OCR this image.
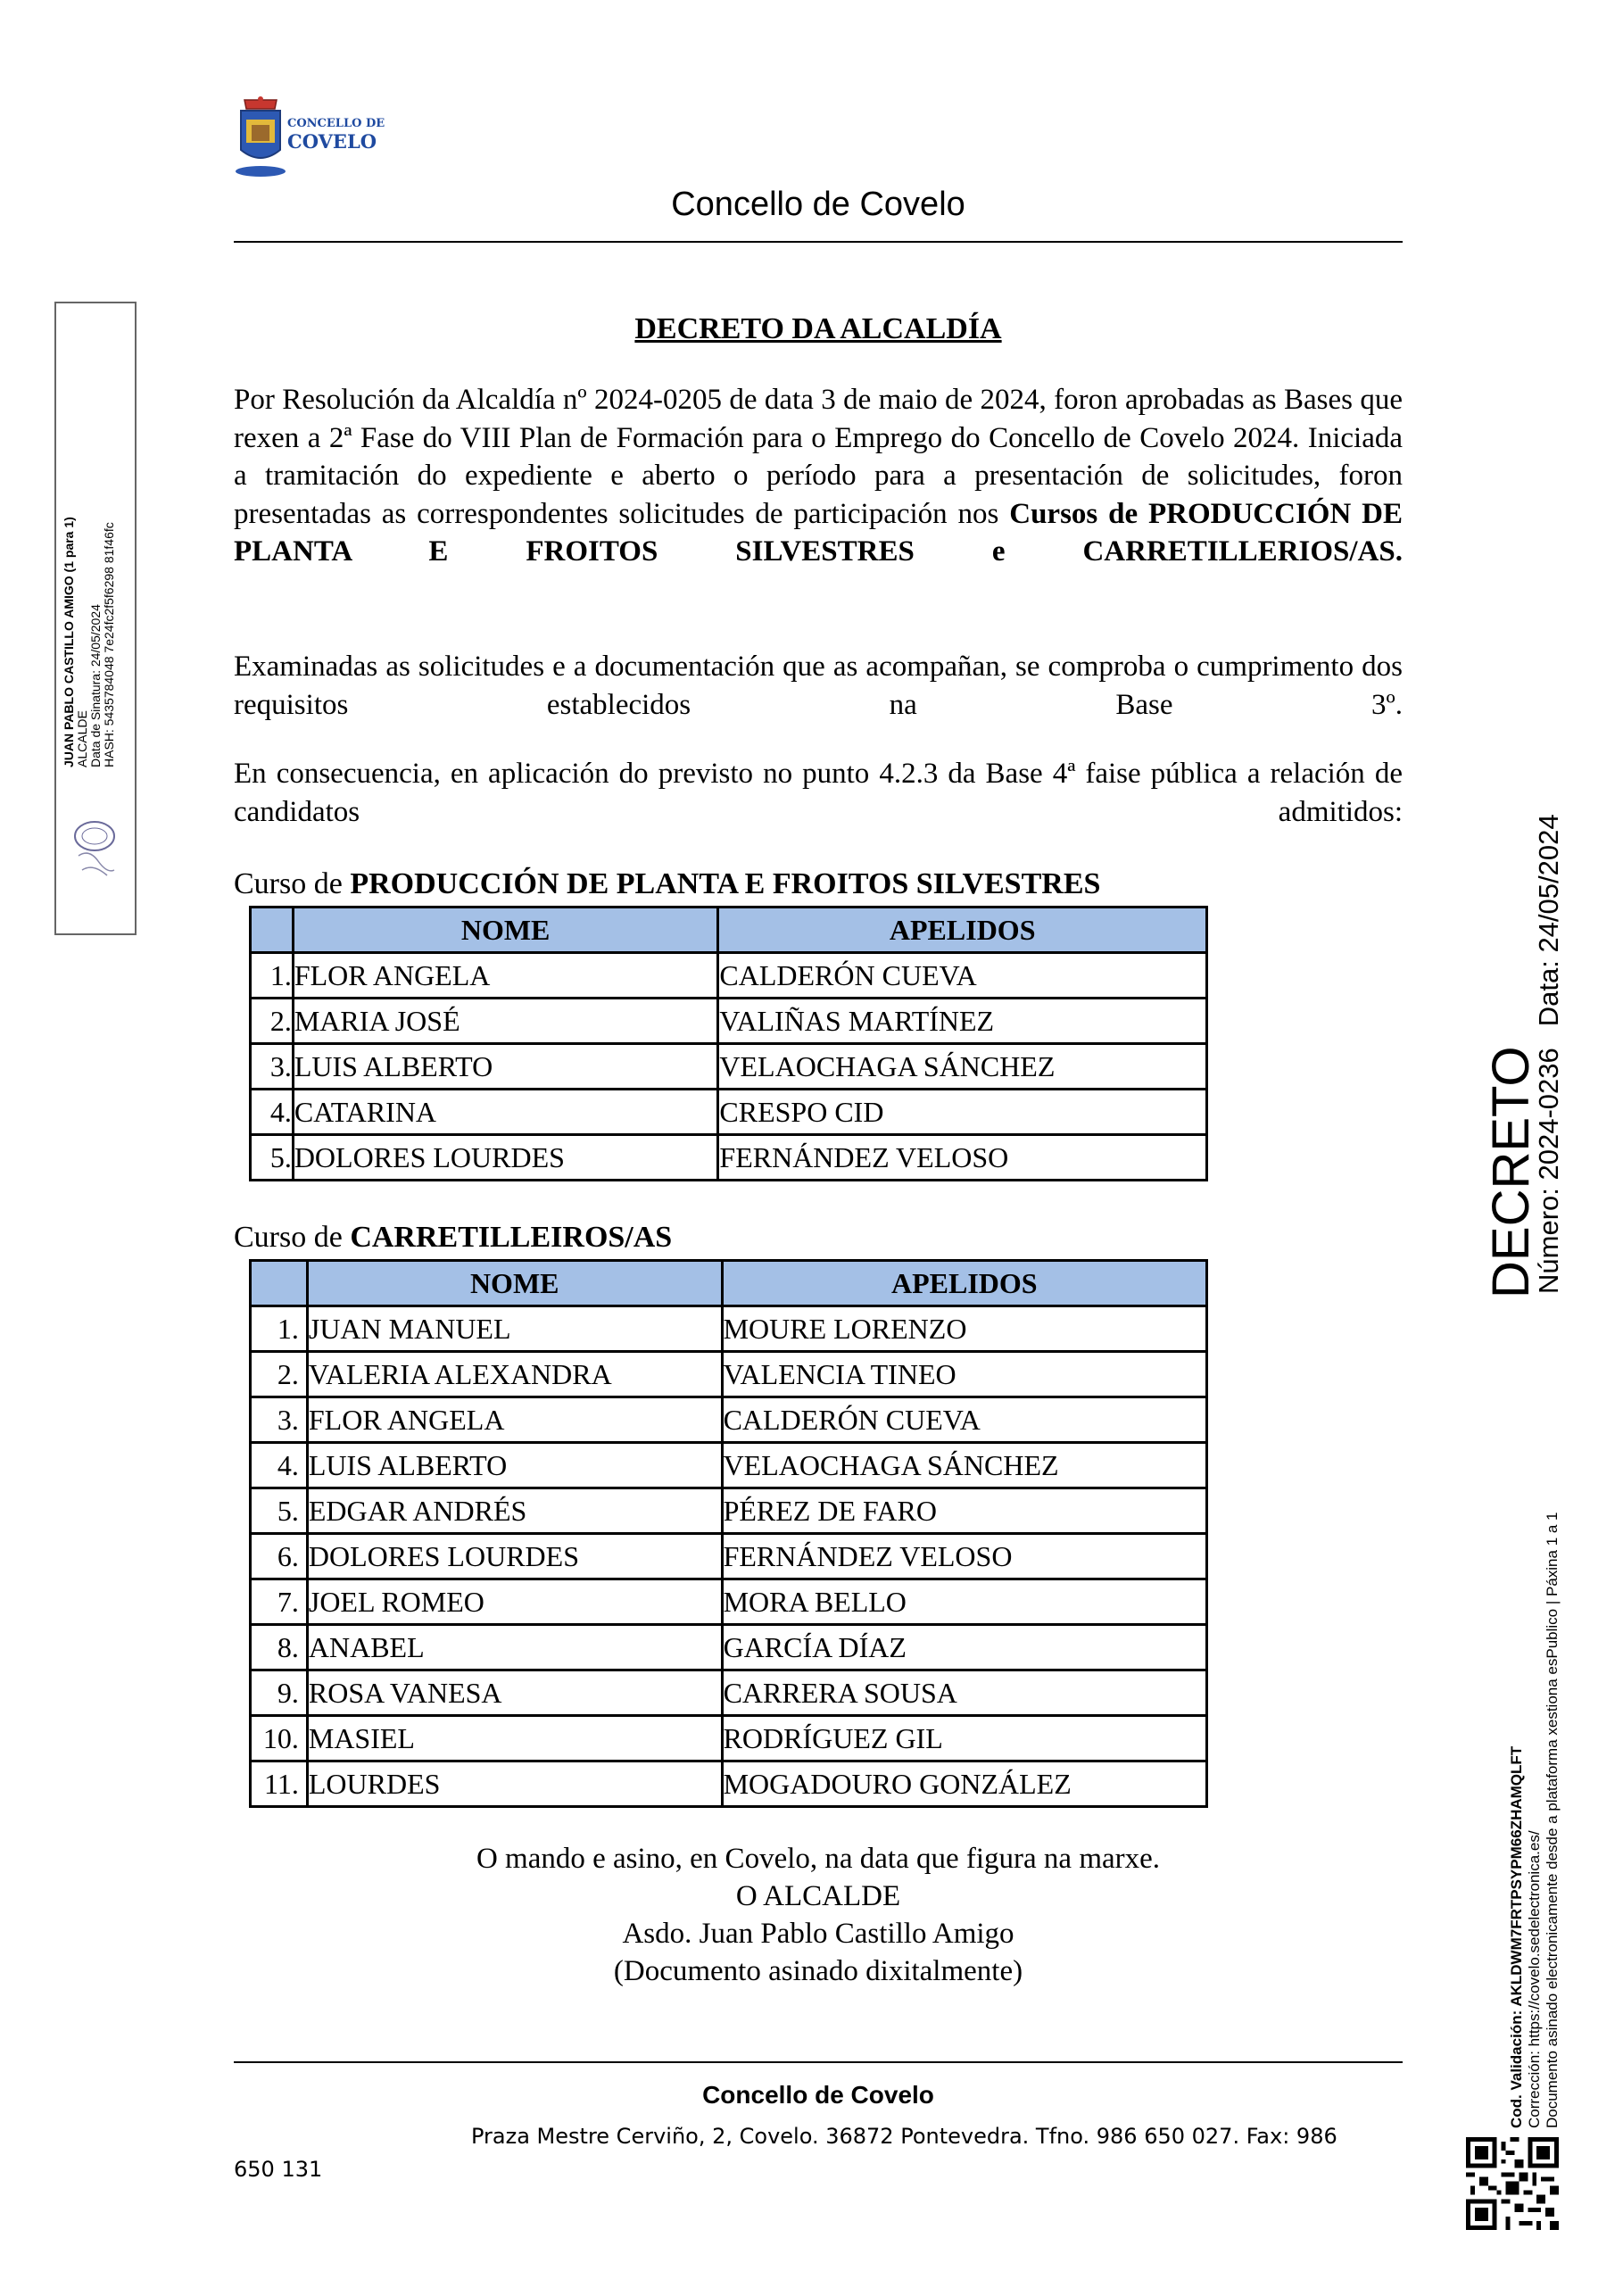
CONCELLO DE
COVELO
Concello de Covelo
DECRETO DA ALCALDÍA
Por Resolución da Alcaldía nº 2024-0205 de data 3 de maio de 2024, foron aprobadas as Bases que rexen a 2ª Fase do VIII Plan de Formación para o Emprego do Concello de Covelo 2024. Iniciada a tramitación do expediente e aberto o período para a presentación de solicitudes, foron presentadas as correspondentes solicitudes de participación nos Cursos de PRODUCCIÓN DE PLANTA E FROITOS SILVESTRES e CARRETILLERIOS/AS.
Examinadas as solicitudes e a documentación que as acompañan, se comproba o cumprimento dos requisitos establecidos na Base 3º.
En consecuencia, en aplicación do previsto no punto 4.2.3 da Base 4ª faise pública a relación de candidatos admitidos:
Curso de PRODUCCIÓN DE PLANTA E FROITOS SILVESTRES
	NOME	APELIDOS
1.	FLOR ANGELA	CALDERÓN CUEVA
2.	MARIA JOSÉ	VALIÑAS MARTÍNEZ
3.	LUIS ALBERTO	VELAOCHAGA SÁNCHEZ
4.	CATARINA	CRESPO CID
5.	DOLORES LOURDES	FERNÁNDEZ VELOSO
Curso de CARRETILLEIROS/AS
	NOME	APELIDOS
1.	JUAN MANUEL	MOURE LORENZO
2.	VALERIA ALEXANDRA	VALENCIA TINEO
3.	FLOR ANGELA	CALDERÓN CUEVA
4.	LUIS ALBERTO	VELAOCHAGA SÁNCHEZ
5.	EDGAR ANDRÉS	PÉREZ DE FARO
6.	DOLORES LOURDES	FERNÁNDEZ VELOSO
7.	JOEL ROMEO	MORA BELLO
8.	ANABEL	GARCÍA DÍAZ
9.	ROSA VANESA	CARRERA SOUSA
10.	MASIEL	RODRÍGUEZ GIL
11.	LOURDES	MOGADOURO GONZÁLEZ
O mando e asino, en Covelo, na data que figura na marxe.
O ALCALDE
Asdo. Juan Pablo Castillo Amigo
(Documento asinado dixitalmente)
Concello de Covelo
Praza Mestre Cerviño, 2, Covelo. 36872 Pontevedra. Tfno. 986 650 027. Fax: 986
650 131
JUAN PABLO CASTILLO AMIGO (1 para 1) ALCALDE Data de Sinatura: 24/05/2024 HASH: 5435784048 7e24fc2f5f6298 81f46fc
DECRETO
Número: 2024-0236Data: 24/05/2024
Cod. Validación: AKLDWM7FRTPSYPM66ZHAMQLFT Corrección: https://covelo.sedelectronica.es/ Documento asinado electronicamente desde a plataforma xestiona esPublico | Páxina 1 a 1
